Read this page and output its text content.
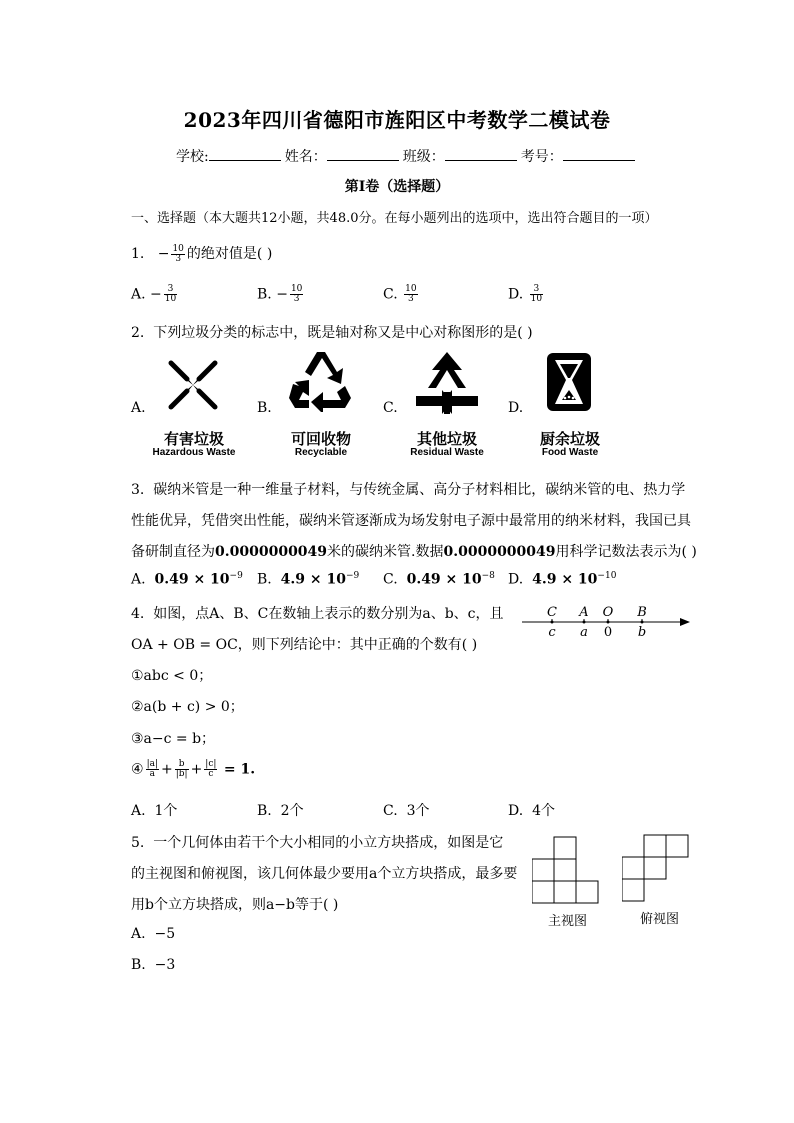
2023年四川省德阳市旌阳区中考数学二模试卷
学校:	姓名：	班级：	考号：
第I卷（选择题）
一、选择题（本大题共12小题，共48.0分。在每小题列出的选项中，选出符合题目的一项）
1. − $\frac{10}{3}$ 的绝对值是( )
A. − $\frac{3}{10}$	B. − $\frac{10}{3}$	C. $\frac{10}{3}$	D. $\frac{3}{10}$
2. 下列垃圾分类的标志中，既是轴对称又是中心对称图形的是( )
A.
有害垃圾
Hazardous Waste
B.
可回收物
Recyclable
C.
其他垃圾
Residual Waste
D.
厨余垃圾
Food Waste
3. 碳纳米管是一种一维量子材料，与传统金属、高分子材料相比，碳纳米管的电、热力学
性能优异，凭借突出性能，碳纳米管逐渐成为场发射电子源中最常用的纳米材料，我国已具
备研制直径为0.0000000049米的碳纳米管.数据0.0000000049用科学记数法表示为( )
A. $0.49 \times 10^{-9}$ B. $4.9 \times 10^{-9}$ C. $0.49 \times 10^{-8}$ D. $4.9 \times 10^{-10}$
4. 如图，点A、B、C在数轴上表示的数分别为a、b、c，且
OA + OB = OC，则下列结论中：其中正确的个数有( )
C A O B
c a 0 b
①abc < 0；
②a(b + c) > 0；
③a−c = b；
④ $\frac{|a|}{a} + \frac{b}{|b|} + \frac{|c|}{c} = 1$.
A. 1个	B. 2个	C. 3个	D. 4个
5. 一个几何体由若干个大小相同的小立方块搭成，如图是它
的主视图和俯视图，该几何体最少要用a个立方块搭成，最多要
用b个立方块搭成，则a−b等于( )
主视图	俯视图
A. −5
B. −3
